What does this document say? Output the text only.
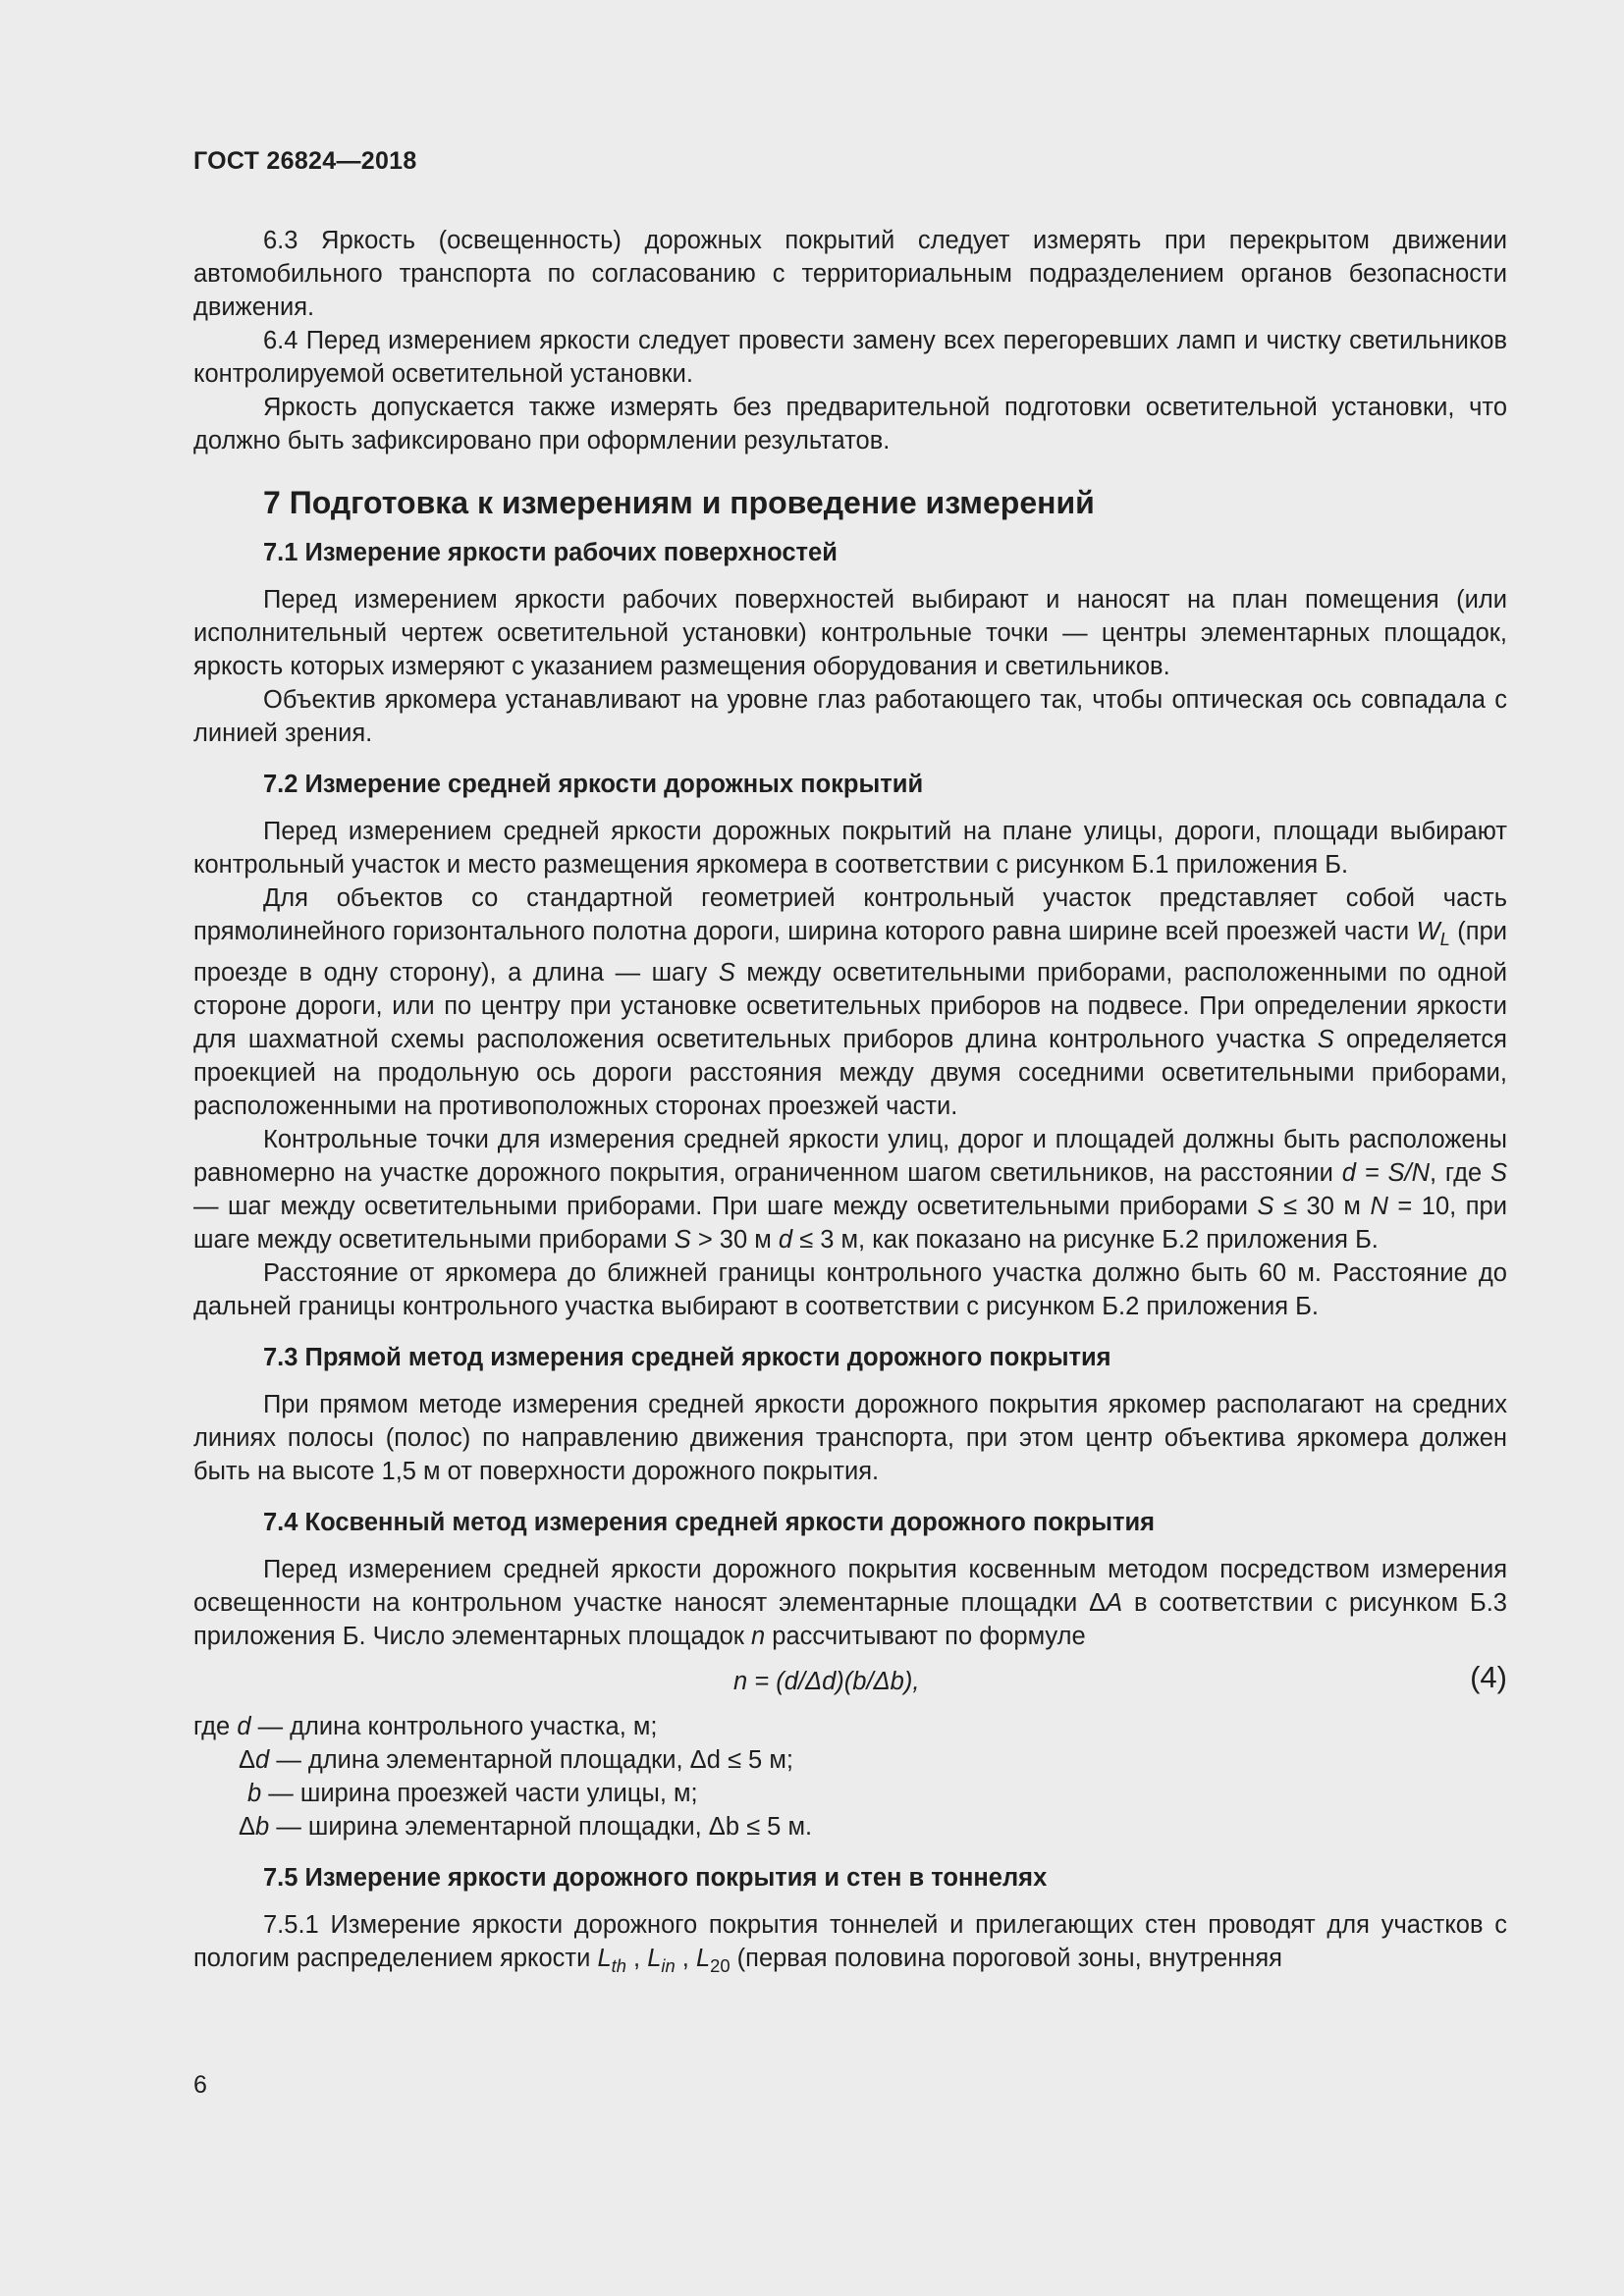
ГОСТ 26824—2018

6.3 Яркость (освещенность) дорожных покрытий следует измерять при перекрытом движении автомобильного транспорта по согласованию с территориальным подразделением органов безопасности движения.

6.4 Перед измерением яркости следует провести замену всех перегоревших ламп и чистку светильников контролируемой осветительной установки.

Яркость допускается также измерять без предварительной подготовки осветительной установки, что должно быть зафиксировано при оформлении результатов.

7 Подготовка к измерениям и проведение измерений
7.1 Измерение яркости рабочих поверхностей

Перед измерением яркости рабочих поверхностей выбирают и наносят на план помещения (или исполнительный чертеж осветительной установки) контрольные точки — центры элементарных площадок, яркость которых измеряют с указанием размещения оборудования и светильников.

Объектив яркомера устанавливают на уровне глаз работающего так, чтобы оптическая ось совпадала с линией зрения.

7.2 Измерение средней яркости дорожных покрытий

Перед измерением средней яркости дорожных покрытий на плане улицы, дороги, площади выбирают контрольный участок и место размещения яркомера в соответствии с рисунком Б.1 приложения Б.

Для объектов со стандартной геометрией контрольный участок представляет собой часть прямолинейного горизонтального полотна дороги, ширина которого равна ширине всей проезжей части $W_L$ (при проезде в одну сторону), а длина — шагу S между осветительными приборами, расположенными по одной стороне дороги, или по центру при установке осветительных приборов на подвесе. При определении яркости для шахматной схемы расположения осветительных приборов длина контрольного участка S определяется проекцией на продольную ось дороги расстояния между двумя соседними осветительными приборами, расположенными на противоположных сторонах проезжей части.

Контрольные точки для измерения средней яркости улиц, дорог и площадей должны быть расположены равномерно на участке дорожного покрытия, ограниченном шагом светильников, на расстоянии d = S/N, где S — шаг между осветительными приборами. При шаге между осветительными приборами S ≤ 30 м N = 10, при шаге между осветительными приборами S > 30 м d ≤ 3 м, как показано на рисунке Б.2 приложения Б.

Расстояние от яркомера до ближней границы контрольного участка должно быть 60 м. Расстояние до дальней границы контрольного участка выбирают в соответствии с рисунком Б.2 приложения Б.

7.3 Прямой метод измерения средней яркости дорожного покрытия

При прямом методе измерения средней яркости дорожного покрытия яркомер располагают на средних линиях полосы (полос) по направлению движения транспорта, при этом центр объектива яркомера должен быть на высоте 1,5 м от поверхности дорожного покрытия.

7.4 Косвенный метод измерения средней яркости дорожного покрытия

Перед измерением средней яркости дорожного покрытия косвенным методом посредством измерения освещенности на контрольном участке наносят элементарные площадки ΔA в соответствии с рисунком Б.3 приложения Б. Число элементарных площадок n рассчитывают по формуле

n = (d/Δd)(b/Δb),	(4)

где d — длина контрольного участка, м;

Δd — длина элементарной площадки, Δd ≤ 5 м;

b — ширина проезжей части улицы, м;

Δb — ширина элементарной площадки, Δb ≤ 5 м.

7.5 Измерение яркости дорожного покрытия и стен в тоннелях

7.5.1 Измерение яркости дорожного покрытия тоннелей и прилегающих стен проводят для участков с пологим распределением яркости $L_{th}$ , $L_{in}$ , $L_{20}$ (первая половина пороговой зоны, внутренняя

6
